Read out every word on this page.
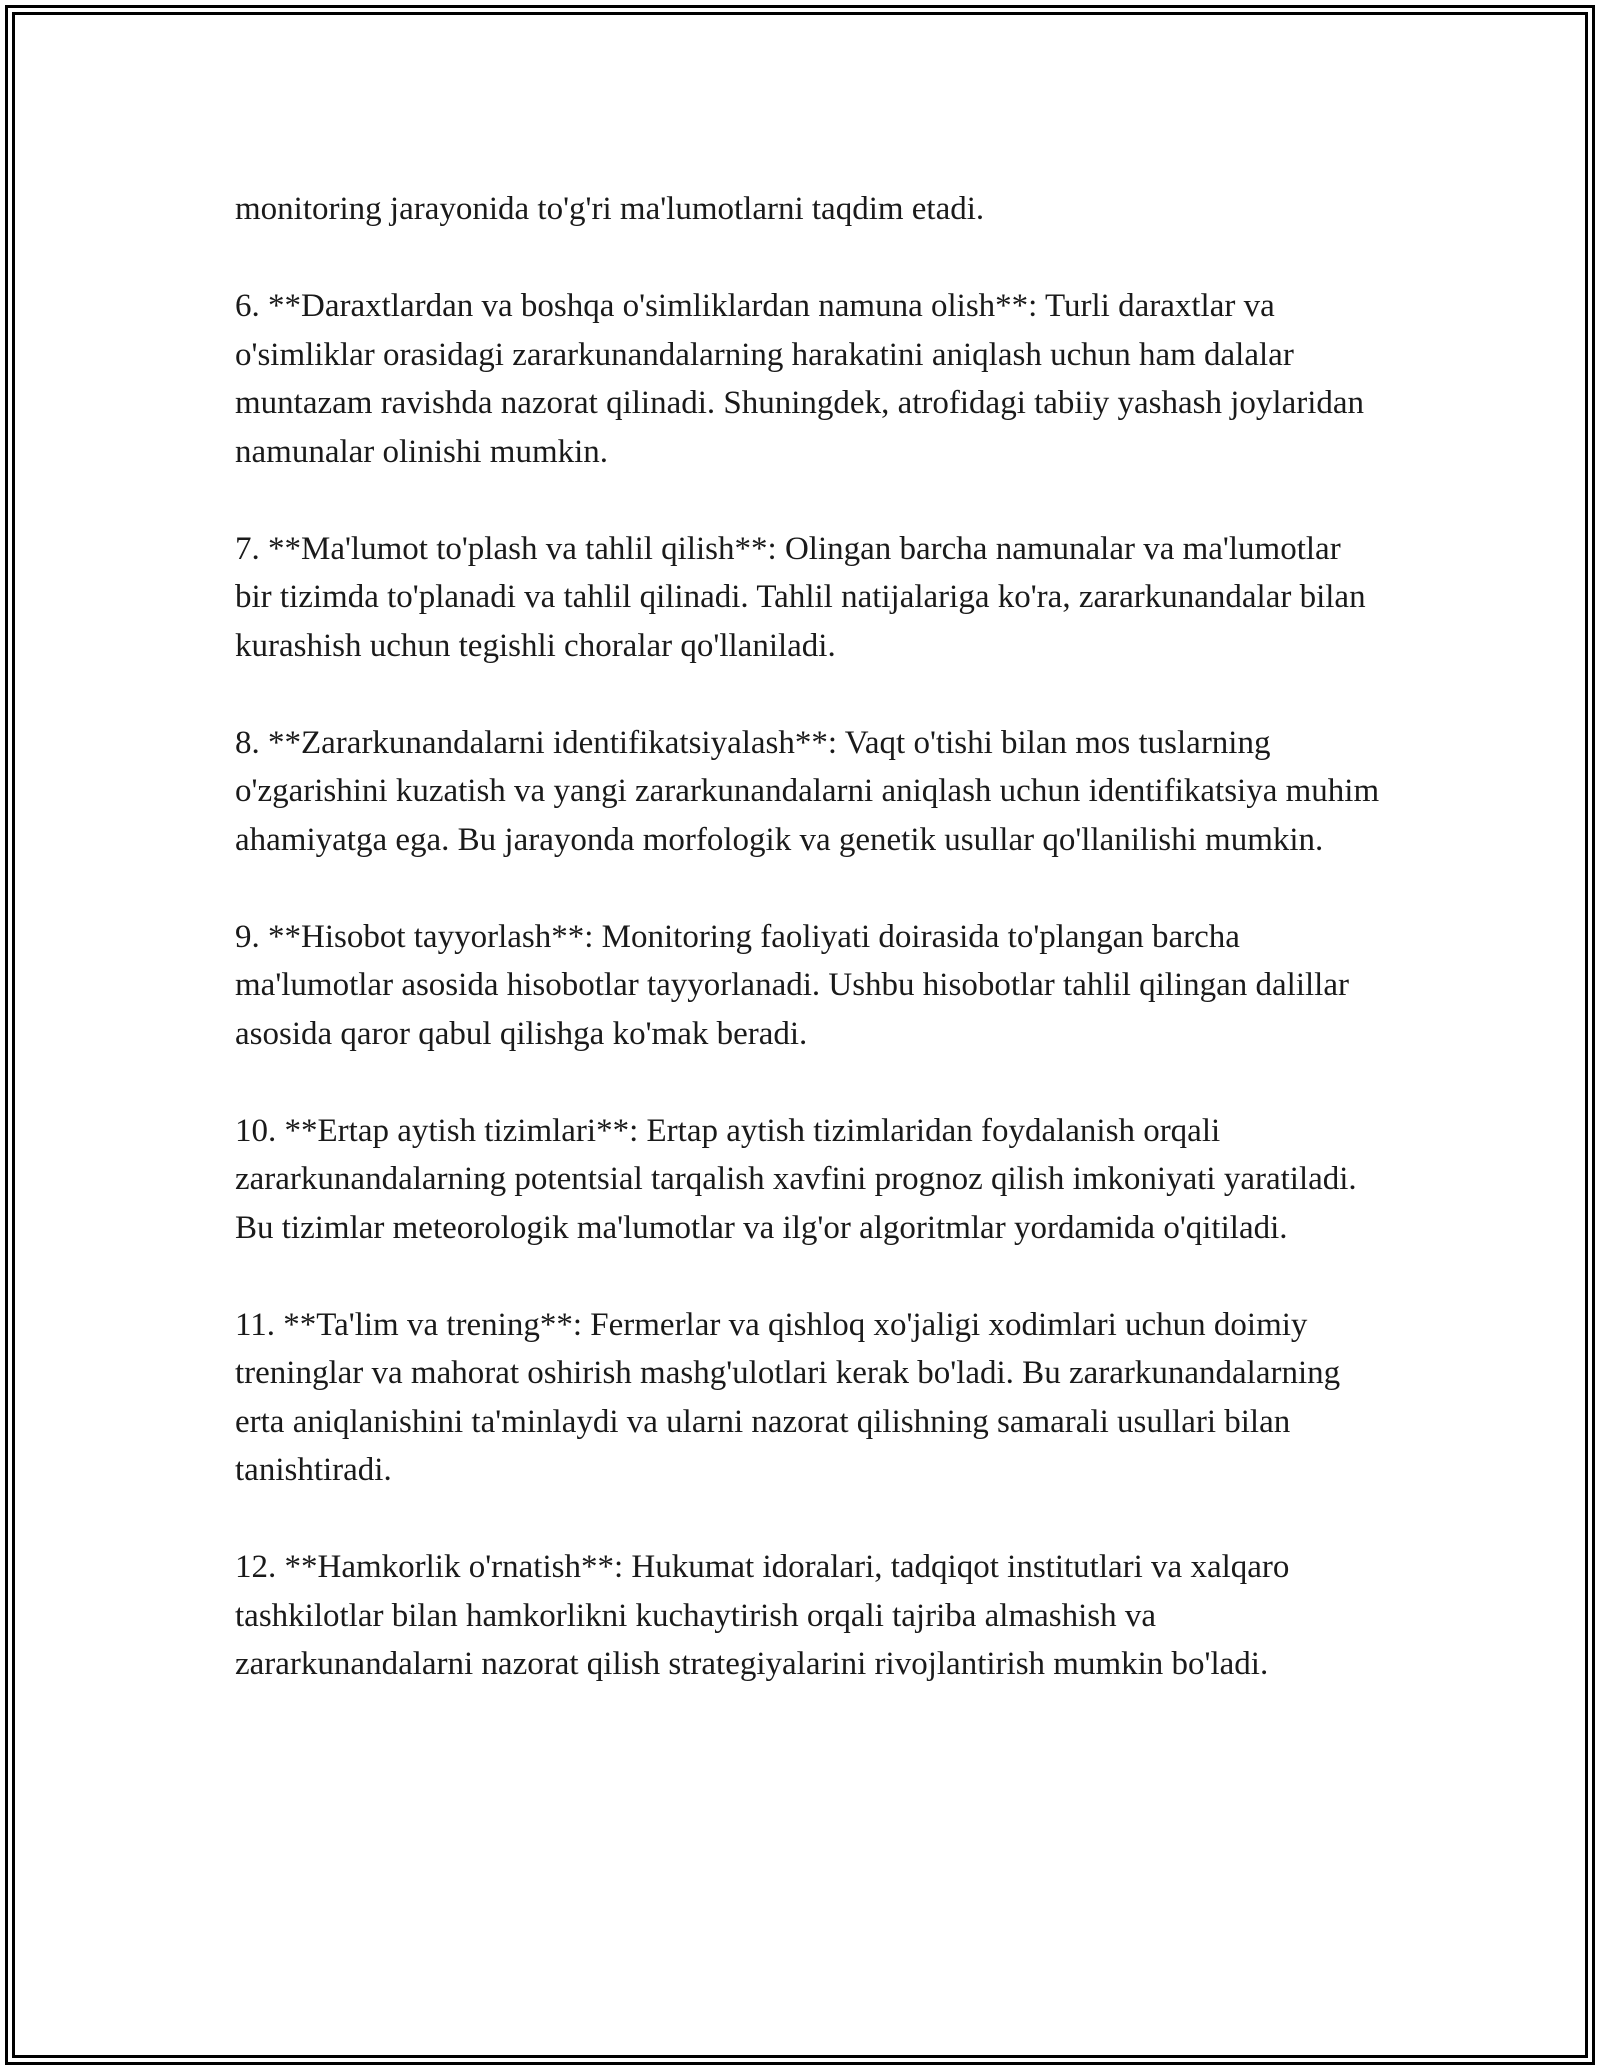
monitoring jarayonida to'g'ri ma'lumotlarni taqdim etadi.

6. **Daraxtlardan va boshqa o'simliklardan namuna olish**: Turli daraxtlar va o'simliklar orasidagi zararkunandalarning harakatini aniqlash uchun ham dalalar muntazam ravishda nazorat qilinadi. Shuningdek, atrofidagi tabiiy yashash joylaridan namunalar olinishi mumkin.

7. **Ma'lumot to'plash va tahlil qilish**: Olingan barcha namunalar va ma'lumotlar bir tizimda to'planadi va tahlil qilinadi. Tahlil natijalariga ko'ra, zararkunandalar bilan kurashish uchun tegishli choralar qo'llaniladi.

8. **Zararkunandalarni identifikatsiyalash**: Vaqt o'tishi bilan mos tuslarning o'zgarishini kuzatish va yangi zararkunandalarni aniqlash uchun identifikatsiya muhim ahamiyatga ega. Bu jarayonda morfologik va genetik usullar qo'llanilishi mumkin.

9. **Hisobot tayyorlash**: Monitoring faoliyati doirasida to'plangan barcha ma'lumotlar asosida hisobotlar tayyorlanadi. Ushbu hisobotlar tahlil qilingan dalillar asosida qaror qabul qilishga ko'mak beradi.

10. **Ertap aytish tizimlari**: Ertap aytish tizimlaridan foydalanish orqali zararkunandalarning potentsial tarqalish xavfini prognoz qilish imkoniyati yaratiladi. Bu tizimlar meteorologik ma'lumotlar va ilg'or algoritmlar yordamida o'qitiladi.

11. **Ta'lim va trening**: Fermerlar va qishloq xo'jaligi xodimlari uchun doimiy treninglar va mahorat oshirish mashg'ulotlari kerak bo'ladi. Bu zararkunandalarning erta aniqlanishini ta'minlaydi va ularni nazorat qilishning samarali usullari bilan tanishtiradi.

12. **Hamkorlik o'rnatish**: Hukumat idoralari, tadqiqot institutlari va xalqaro tashkilotlar bilan hamkorlikni kuchaytirish orqali tajriba almashish va zararkunandalarni nazorat qilish strategiyalarini rivojlantirish mumkin bo'ladi.
